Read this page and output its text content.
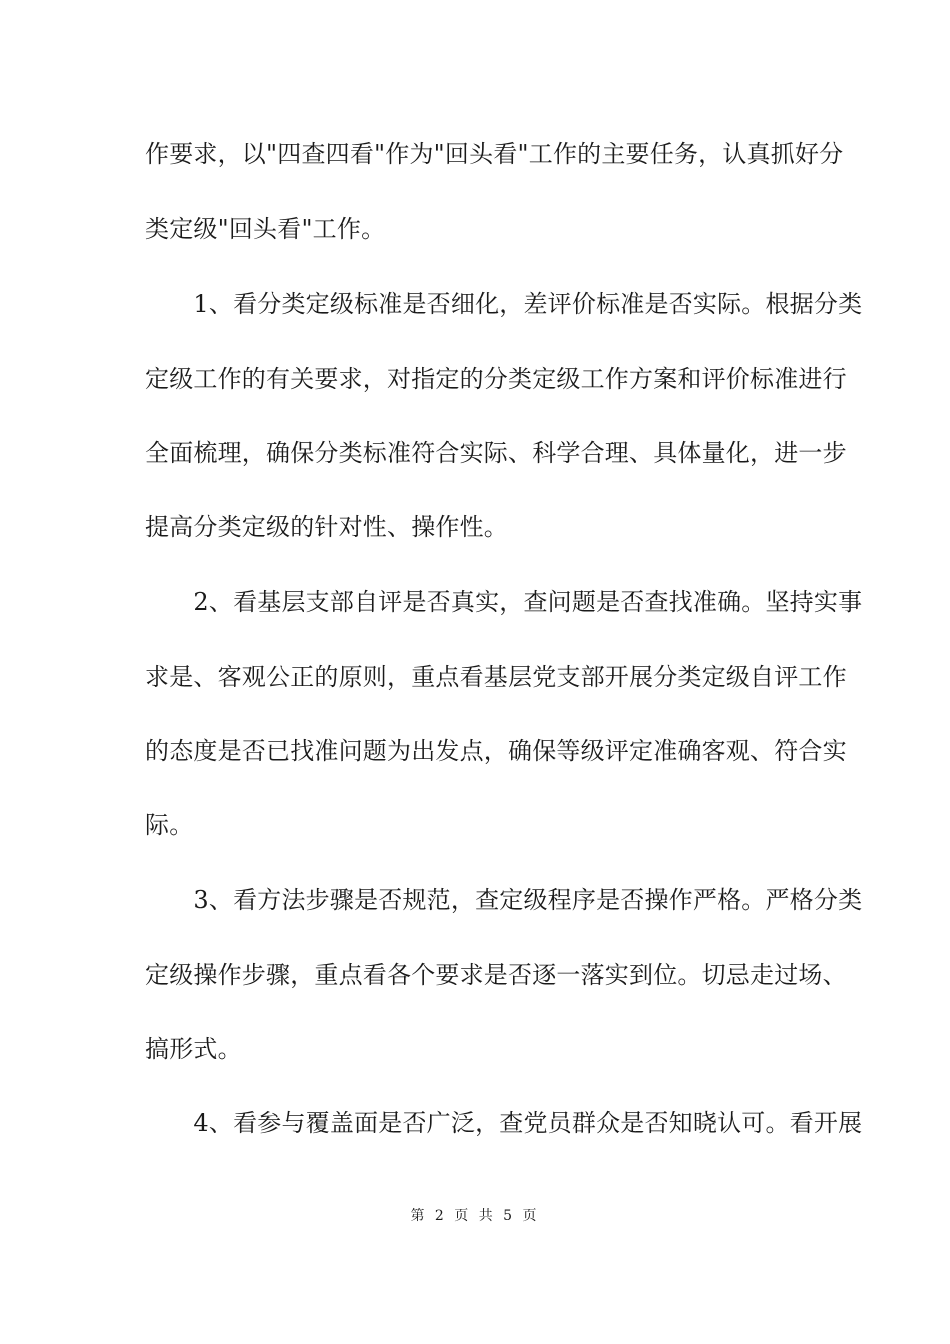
作要求，以"四查四看"作为"回头看"工作的主要任务，认真抓好分
类定级"回头看"工作。
　　1、看分类定级标准是否细化，差评价标准是否实际。根据分类
定级工作的有关要求，对指定的分类定级工作方案和评价标准进行
全面梳理，确保分类标准符合实际、科学合理、具体量化，进一步
提高分类定级的针对性、操作性。
　　2、看基层支部自评是否真实，查问题是否查找准确。坚持实事
求是、客观公正的原则，重点看基层党支部开展分类定级自评工作
的态度是否已找准问题为出发点，确保等级评定准确客观、符合实
际。
　　3、看方法步骤是否规范，查定级程序是否操作严格。严格分类
定级操作步骤，重点看各个要求是否逐一落实到位。切忌走过场、
搞形式。
　　4、看参与覆盖面是否广泛，查党员群众是否知晓认可。看开展
第 2 页 共 5 页
